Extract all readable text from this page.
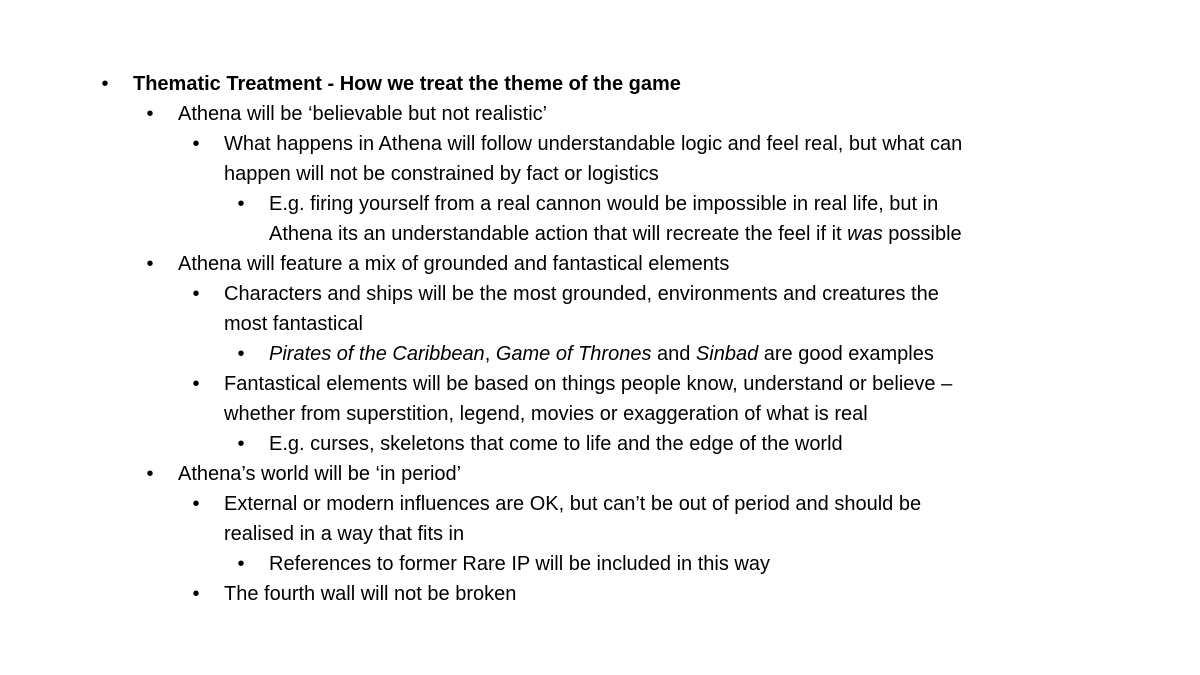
• Thematic Treatment - How we treat the theme of the game
• Athena will be ‘believable but not realistic’
• What happens in Athena will follow understandable logic and feel real, but what can
happen will not be constrained by fact or logistics
• E.g. firing yourself from a real cannon would be impossible in real life, but in
Athena its an understandable action that will recreate the feel if it was possible
• Athena will feature a mix of grounded and fantastical elements
• Characters and ships will be the most grounded, environments and creatures the
most fantastical
• Pirates of the Caribbean, Game of Thrones and Sinbad are good examples
• Fantastical elements will be based on things people know, understand or believe –
whether from superstition, legend, movies or exaggeration of what is real
• E.g. curses, skeletons that come to life and the edge of the world
• Athena’s world will be ‘in period’
• External or modern influences are OK, but can’t be out of period and should be
realised in a way that fits in
• References to former Rare IP will be included in this way
• The fourth wall will not be broken
